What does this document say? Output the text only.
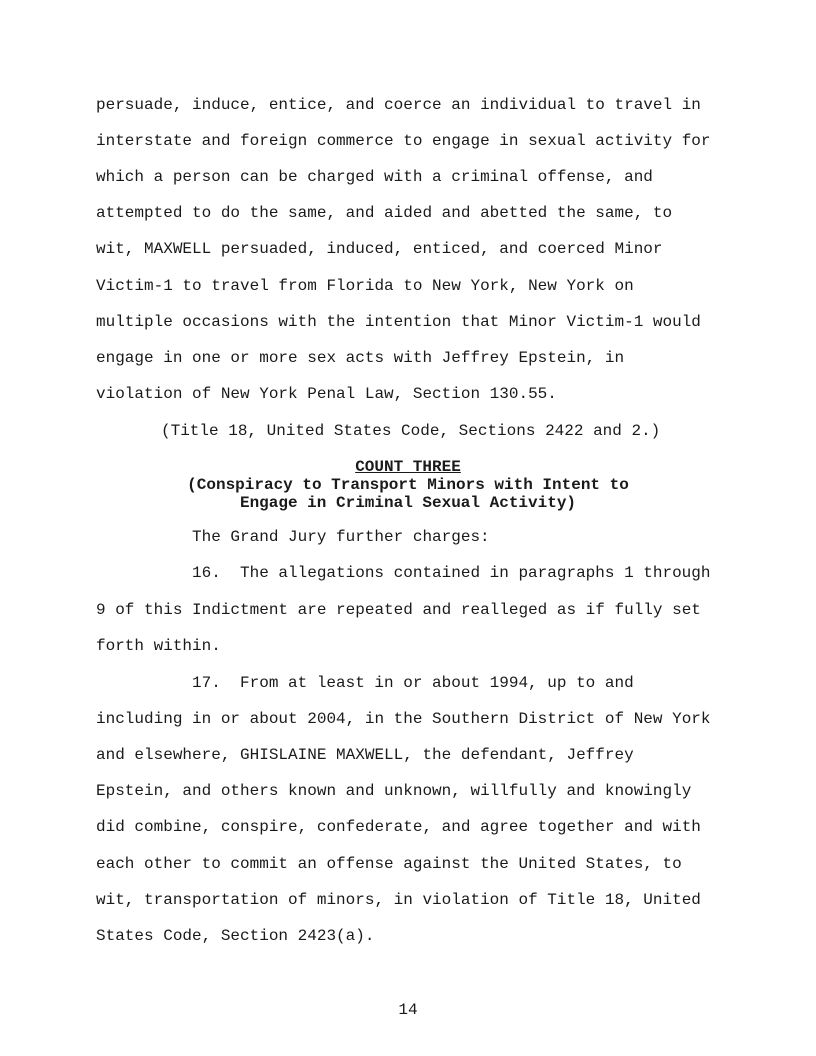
persuade, induce, entice, and coerce an individual to travel in
interstate and foreign commerce to engage in sexual activity for
which a person can be charged with a criminal offense, and
attempted to do the same, and aided and abetted the same, to
wit, MAXWELL persuaded, induced, enticed, and coerced Minor
Victim-1 to travel from Florida to New York, New York on
multiple occasions with the intention that Minor Victim-1 would
engage in one or more sex acts with Jeffrey Epstein, in
violation of New York Penal Law, Section 130.55.
(Title 18, United States Code, Sections 2422 and 2.)
COUNT THREE
(Conspiracy to Transport Minors with Intent to
Engage in Criminal Sexual Activity)
The Grand Jury further charges:
16.  The allegations contained in paragraphs 1 through
9 of this Indictment are repeated and realleged as if fully set
forth within.
17.  From at least in or about 1994, up to and
including in or about 2004, in the Southern District of New York
and elsewhere, GHISLAINE MAXWELL, the defendant, Jeffrey
Epstein, and others known and unknown, willfully and knowingly
did combine, conspire, confederate, and agree together and with
each other to commit an offense against the United States, to
wit, transportation of minors, in violation of Title 18, United
States Code, Section 2423(a).
14
